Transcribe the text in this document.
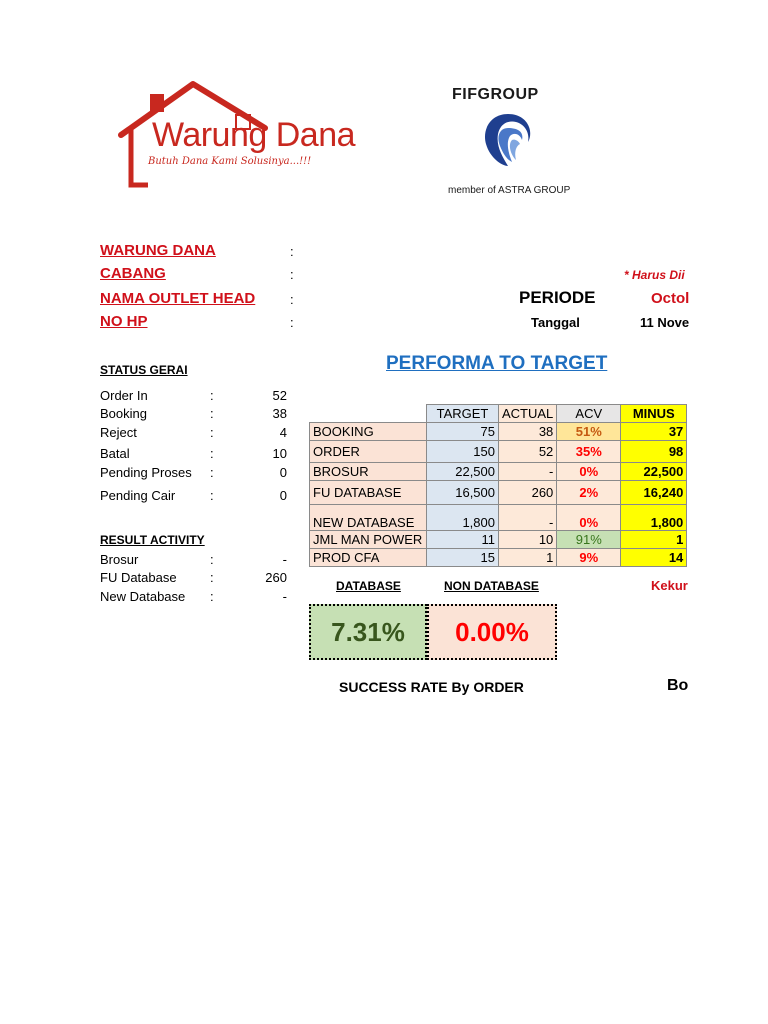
Warung Dana
Butuh Dana Kami Solusinya...!!!
FIFGROUP
member of ASTRA GROUP
WARUNG DANA	:
CABANG	:
NAMA OUTLET HEAD	:
NO HP	:
* Harus Dii
PERIODE	Octol
Tanggal	11 Nove
PERFORMA TO TARGET
STATUS GERAI
Order In	:	52
Booking	:	38
Reject	:	4
Batal	:	10
Pending Proses :	0
Pending Cair	:	0
RESULT ACTIVITY
Brosur	:	-
FU Database	:	260
New Database :	-
	TARGET	ACTUAL	ACV	MINUS
BOOKING	75	38	51%	37
ORDER	150	52	35%	98
BROSUR	22,500	-	0%	22,500
FU DATABASE	16,500	260	2%	16,240
NEW DATABASE	1,800	-	0%	1,800
JML MAN POWER	11	10	91%	1
PROD CFA	15	1	9%	14
DATABASE	NON DATABASE	Kekur
7.31%	0.00%
SUCCESS RATE By ORDER	Bo
